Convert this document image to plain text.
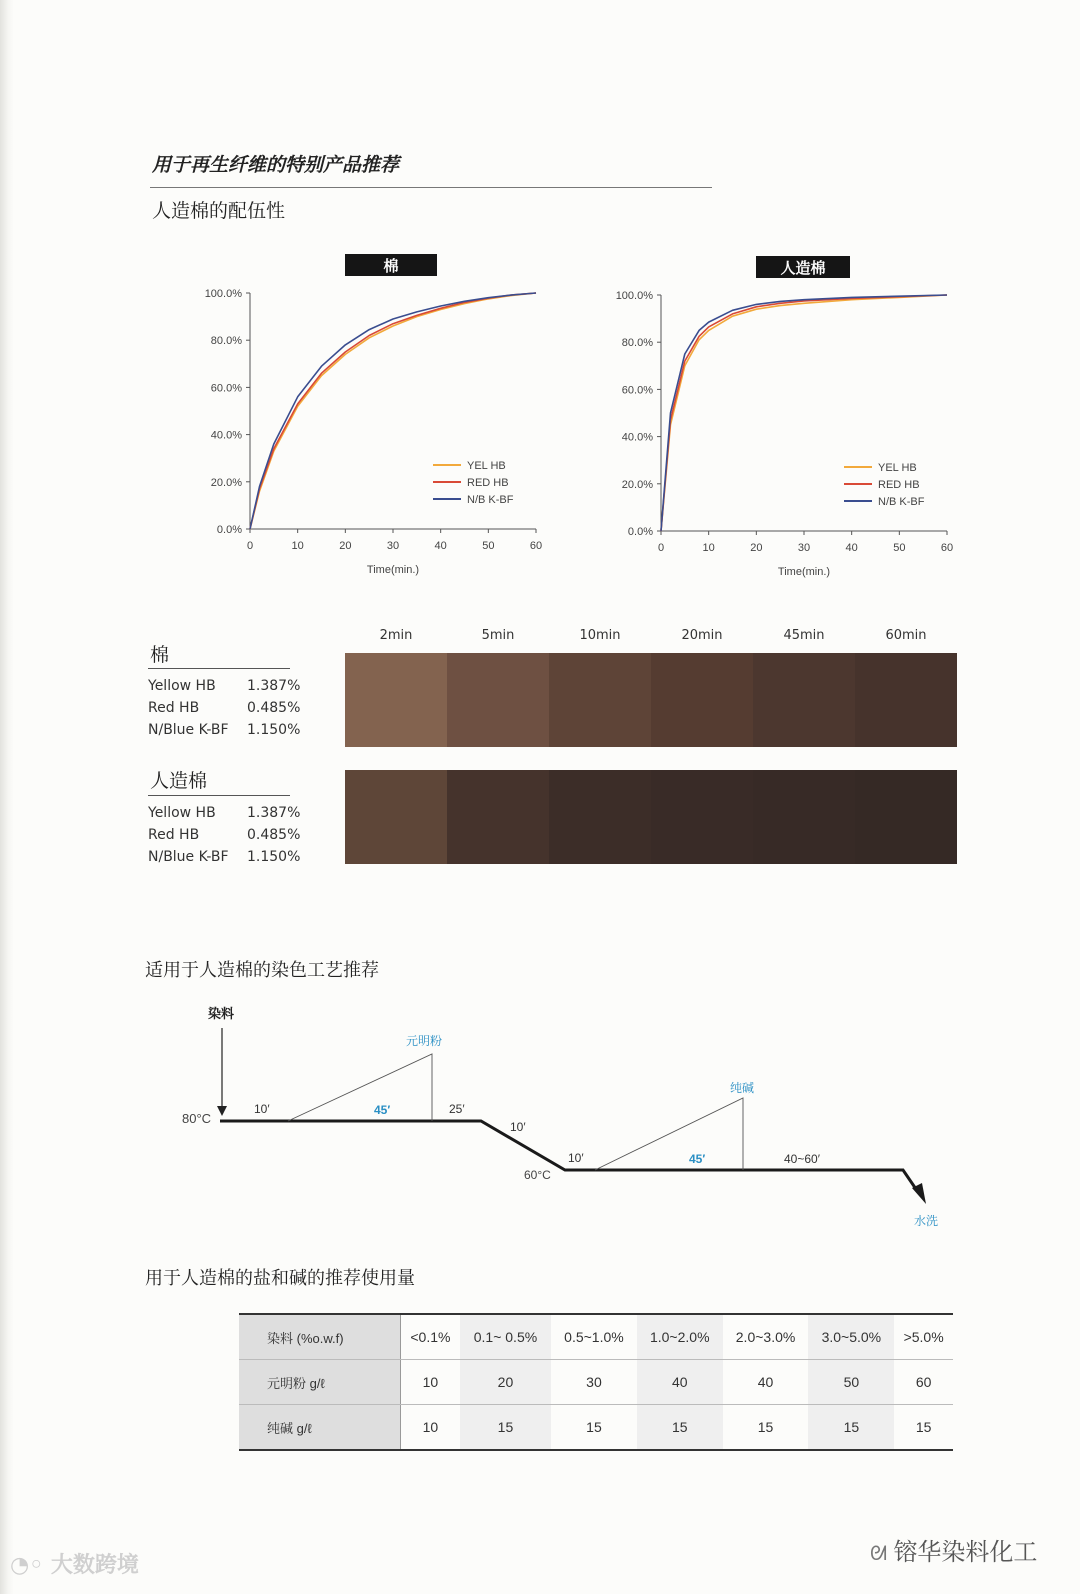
用于再生纤维的特别产品推荐
人造棉的配伍性
棉
0	10	20	30	40	50	60
0.0%
20.0%
40.0%
60.0%
80.0%
100.0%
Time(min.)
YEL HB
RED HB
N/B K-BF
人造棉
0	10	20	30	40	50	60
0.0%
20.0%
40.0%
60.0%
80.0%
100.0%
Time(min.)
YEL HB
RED HB
N/B K-BF
2min	5min	10min	20min	45min	60min
棉
Yellow HB 1.387%
Red HB	0.485%
N/Blue K-BF 1.150%
人造棉
Yellow HB 1.387%
Red HB	0.485%
N/Blue K-BF 1.150%
适用于人造棉的染色工艺推荐
染料
80°C
元明粉
纯碱
10′	45′	25′
10′
60°C
10′	45′	40~60′
水洗
用于人造棉的盐和碱的推荐使用量
染料 (%o.w.f)	<0.1%	0.1~ 0.5%	0.5~1.0%	1.0~2.0%	2.0~3.0%	3.0~5.0%	>5.0%
元明粉 g/ℓ	10	20	30	40	40	50	60
纯碱 g/ℓ	10	15	15	15	15	15	15
◔◦ 大数跨境	ᘛ 镕华染料化工
